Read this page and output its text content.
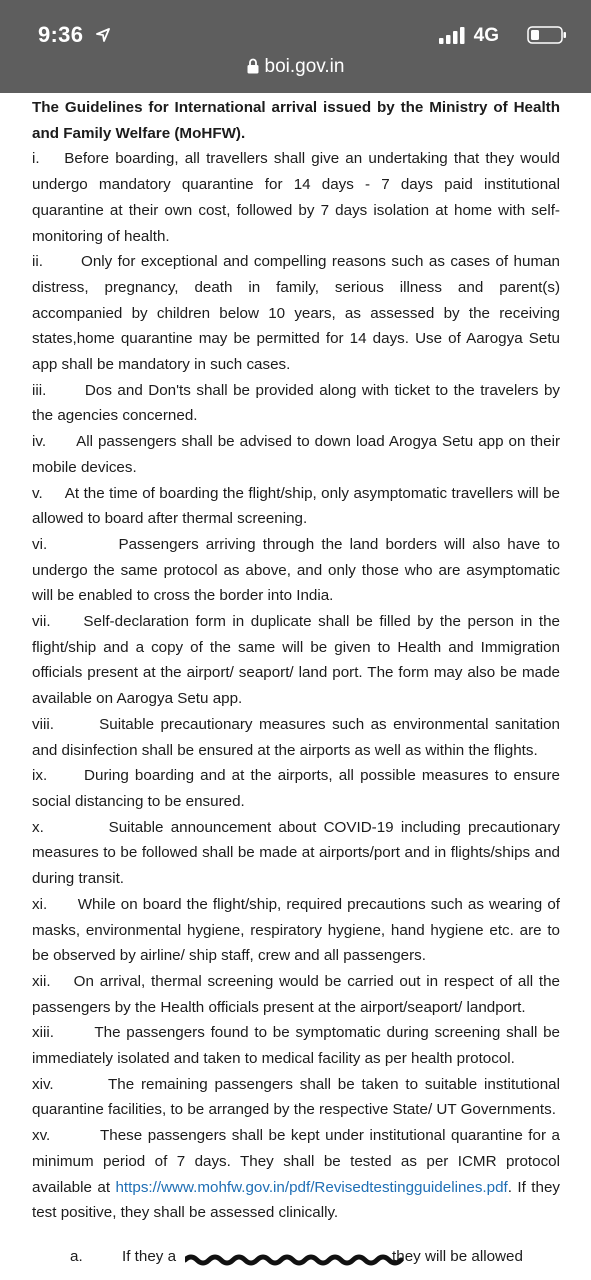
9:36	4G
boi.gov.in
The Guidelines for International arrival issued by the Ministry of Health and Family Welfare (MoHFW).
i. Before boarding, all travellers shall give an undertaking that they would undergo mandatory quarantine for 14 days - 7 days paid institutional quarantine at their own cost, followed by 7 days isolation at home with self-monitoring of health.
ii.	Only for exceptional and compelling reasons such as cases of human distress, pregnancy, death in family, serious illness and parent(s) accompanied by children below 10 years, as assessed by the receiving states,home quarantine may be permitted for 14 days. Use of Aarogya Setu app shall be mandatory in such cases.
iii.	Dos and Don'ts shall be provided along with ticket to the travelers by the agencies concerned.
iv. All passengers shall be advised to down load Arogya Setu app on their mobile devices.
v. At the time of boarding the flight/ship, only asymptomatic travellers will be allowed to board after thermal screening.
vi.	Passengers arriving through the land borders will also have to undergo the same protocol as above, and only those who are asymptomatic will be enabled to cross the border into India.
vii. Self-declaration form in duplicate shall be filled by the person in the flight/ship and a copy of the same will be given to Health and Immigration officials present at the airport/ seaport/ land port. The form may also be made available on Aarogya Setu app.
viii.	Suitable precautionary measures such as environmental sanitation and disinfection shall be ensured at the airports as well as within the flights.
ix. During boarding and at the airports, all possible measures to ensure social distancing to be ensured.
x.	Suitable announcement about COVID-19 including precautionary measures to be followed shall be made at airports/port and in flights/ships and during transit.
xi. While on board the flight/ship, required precautions such as wearing of masks, environmental hygiene, respiratory hygiene, hand hygiene etc. are to be observed by airline/ ship staff, crew and all passengers.
xii. On arrival, thermal screening would be carried out in respect of all the passengers by the Health officials present at the airport/seaport/ landport.
xiii.	The passengers found to be symptomatic during screening shall be immediately isolated and taken to medical facility as per health protocol.
xiv.	The remaining passengers shall be taken to suitable institutional quarantine facilities, to be arranged by the respective State/ UT Governments.
xv.	These passengers shall be kept under institutional quarantine for a minimum period of 7 days. They shall be tested as per ICMR protocol available at https://www.mohfw.gov.in/pdf/Revisedtestingguidelines.pdf. If they test positive, they shall be assessed clinically.
a.	If they a	they will be allowed
